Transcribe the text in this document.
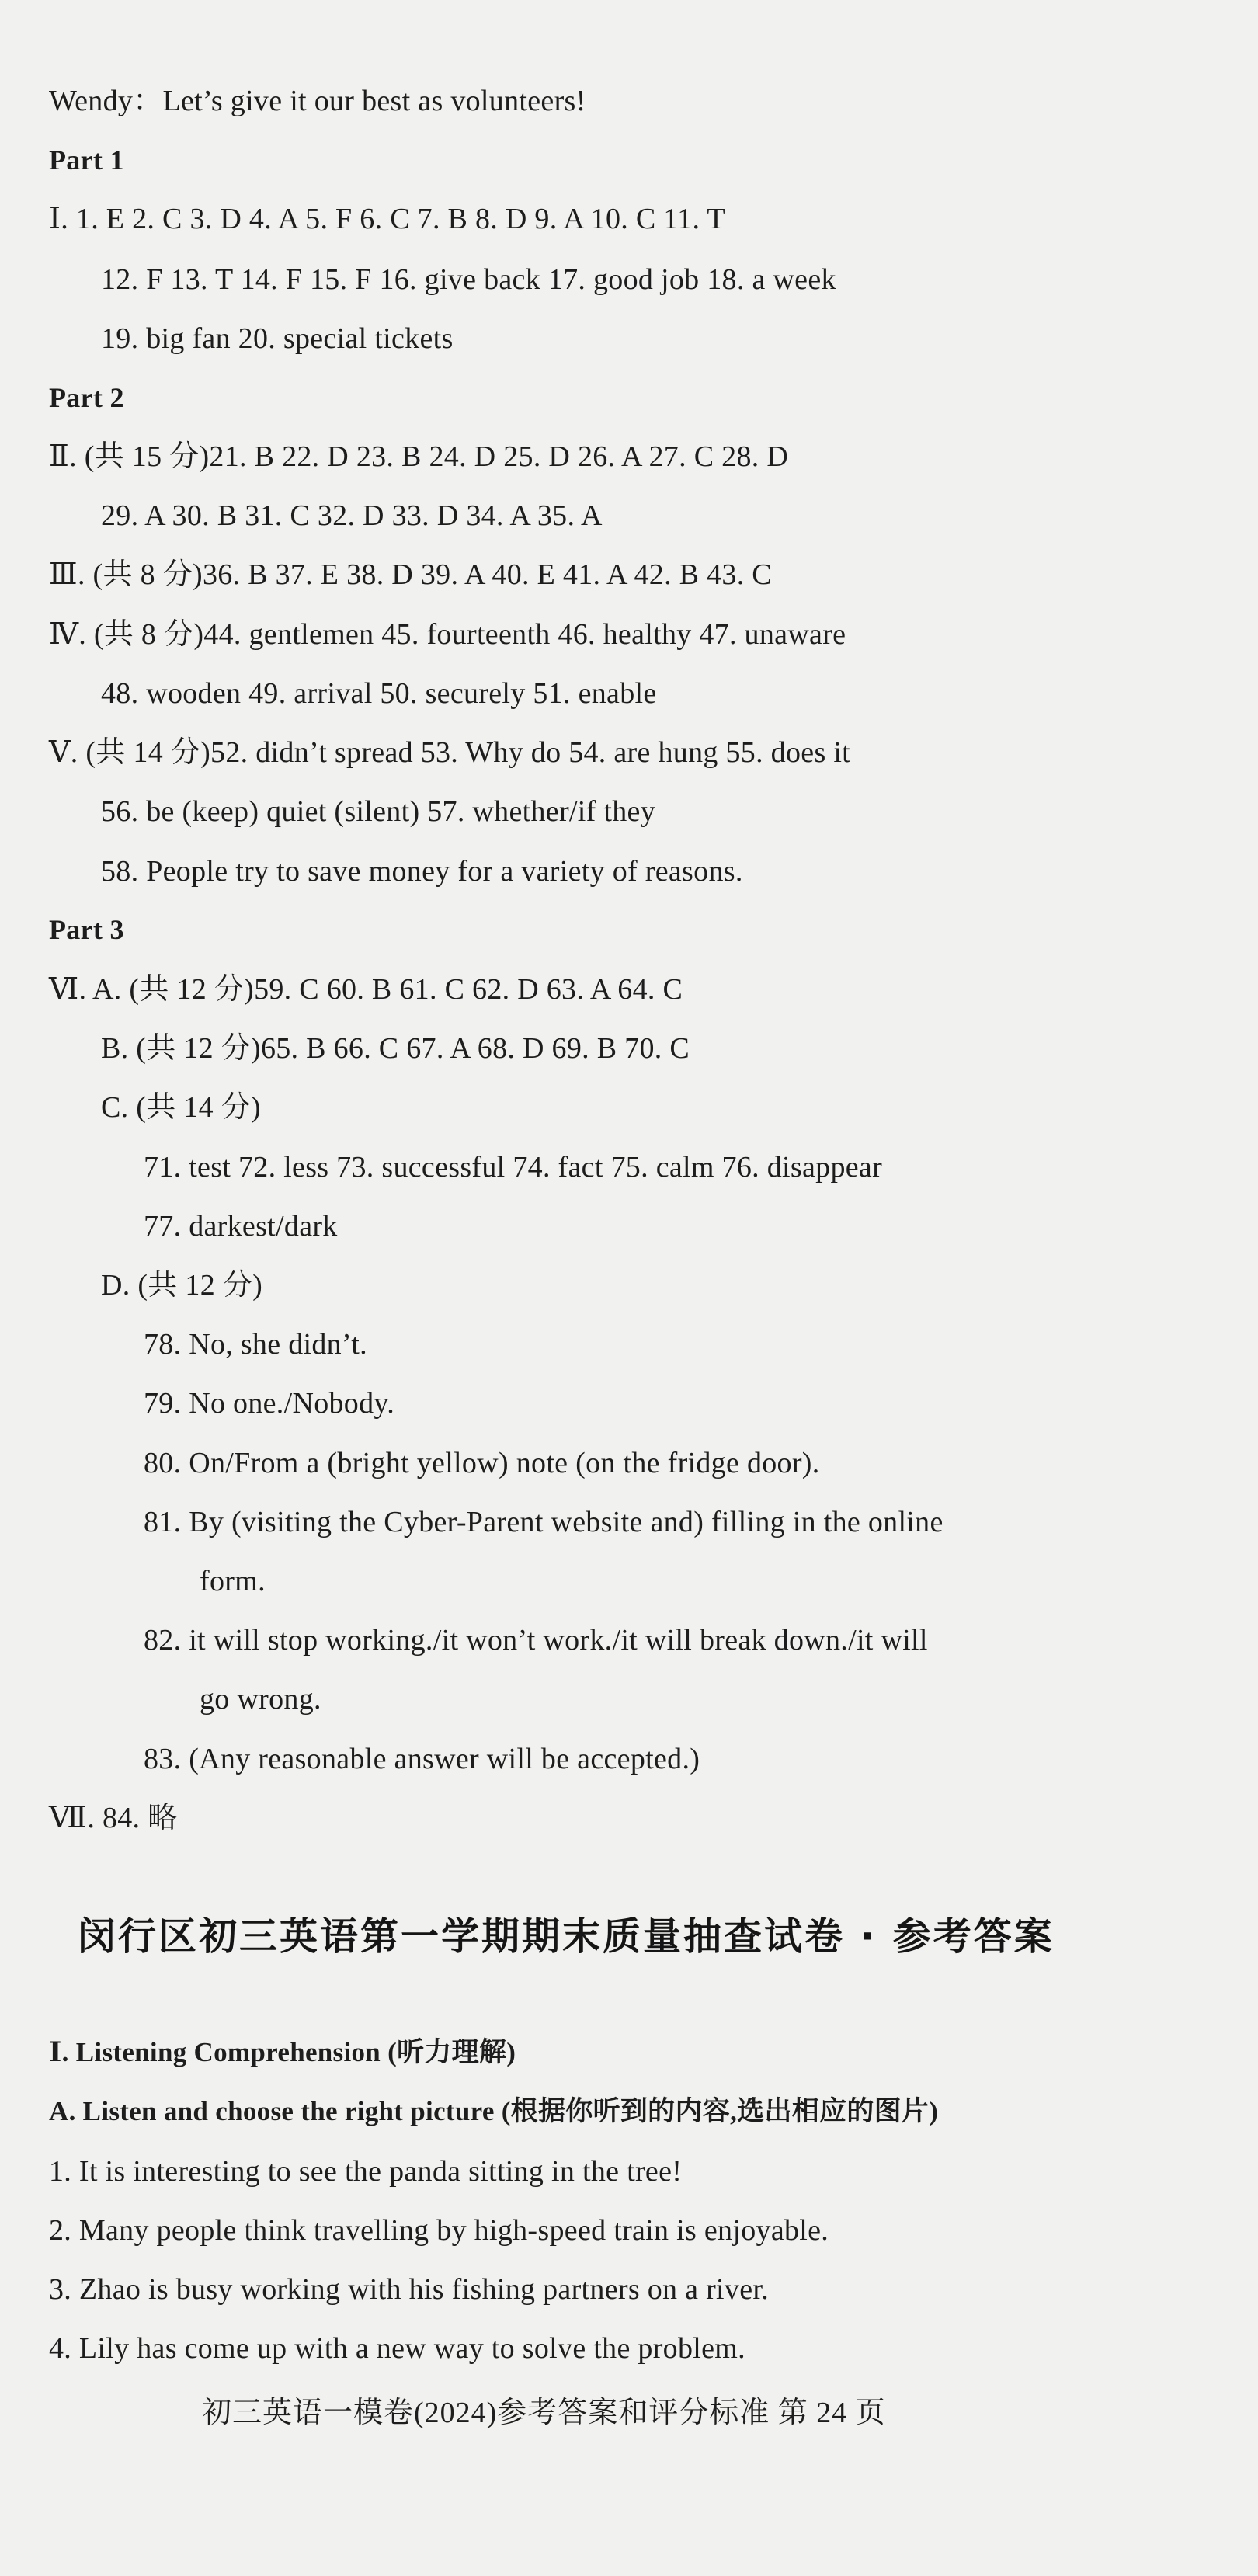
Wendy：Let’s give it our best as volunteers!
Part 1
Ⅰ. 1. E 2. C 3. D 4. A 5. F 6. C 7. B 8. D 9. A 10. C 11. T
12. F 13. T 14. F 15. F 16. give back 17. good job 18. a week
19. big fan 20. special tickets
Part 2
Ⅱ. (共 15 分)21. B 22. D 23. B 24. D 25. D 26. A 27. C 28. D
29. A 30. B 31. C 32. D 33. D 34. A 35. A
Ⅲ. (共 8 分)36. B 37. E 38. D 39. A 40. E 41. A 42. B 43. C
Ⅳ. (共 8 分)44. gentlemen 45. fourteenth 46. healthy 47. unaware
48. wooden 49. arrival 50. securely 51. enable
Ⅴ. (共 14 分)52. didn’t spread 53. Why do 54. are hung 55. does it
56. be (keep) quiet (silent) 57. whether/if they
58. People try to save money for a variety of reasons.
Part 3
Ⅵ. A. (共 12 分)59. C 60. B 61. C 62. D 63. A 64. C
B. (共 12 分)65. B 66. C 67. A 68. D 69. B 70. C
C. (共 14 分)
71. test 72. less 73. successful 74. fact 75. calm 76. disappear
77. darkest/dark
D. (共 12 分)
78. No, she didn’t.
79. No one./Nobody.
80. On/From a (bright yellow) note (on the fridge door).
81. By (visiting the Cyber-Parent website and) filling in the online
form.
82. it will stop working./it won’t work./it will break down./it will
go wrong.
83. (Any reasonable answer will be accepted.)
Ⅶ. 84. 略
闵行区初三英语第一学期期末质量抽查试卷 · 参考答案
Ⅰ. Listening Comprehension (听力理解)
A. Listen and choose the right picture (根据你听到的内容,选出相应的图片)
1. It is interesting to see the panda sitting in the tree!
2. Many people think travelling by high-speed train is enjoyable.
3. Zhao is busy working with his fishing partners on a river.
4. Lily has come up with a new way to solve the problem.
初三英语一模卷(2024)参考答案和评分标准 第 24 页
